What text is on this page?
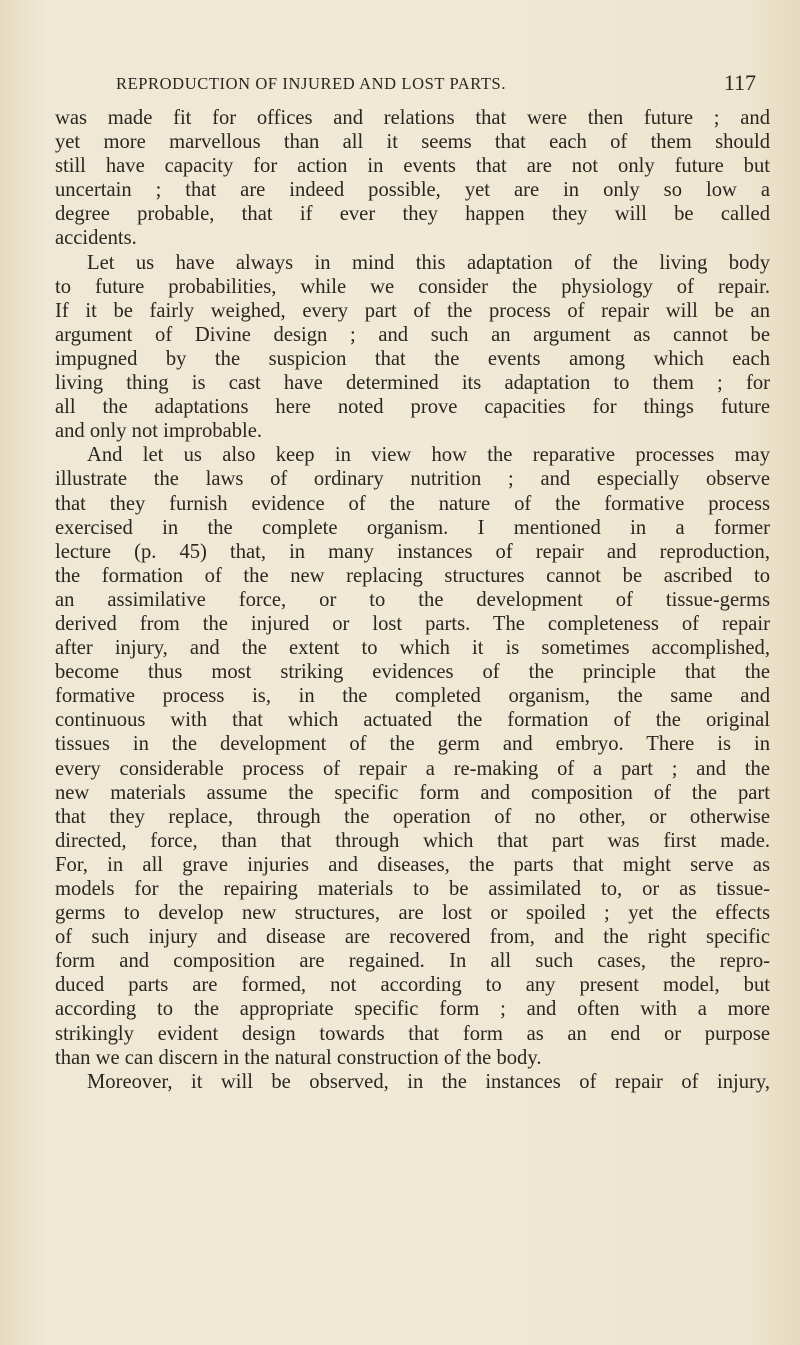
REPRODUCTION OF INJURED AND LOST PARTS.	117
was made fit for offices and relations that were then future ; and
yet more marvellous than all it seems that each of them should
still have capacity for action in events that are not only future but
uncertain ; that are indeed possible, yet are in only so low a
degree probable, that if ever they happen they will be called
accidents.
Let us have always in mind this adaptation of the living body
to future probabilities, while we consider the physiology of repair.
If it be fairly weighed, every part of the process of repair will be an
argument of Divine design ; and such an argument as cannot be
impugned by the suspicion that the events among which each
living thing is cast have determined its adaptation to them ; for
all the adaptations here noted prove capacities for things future
and only not improbable.
And let us also keep in view how the reparative processes may
illustrate the laws of ordinary nutrition ; and especially observe
that they furnish evidence of the nature of the formative process
exercised in the complete organism. I mentioned in a former
lecture (p. 45) that, in many instances of repair and reproduction,
the formation of the new replacing structures cannot be ascribed to
an assimilative force, or to the development of tissue-germs
derived from the injured or lost parts. The completeness of repair
after injury, and the extent to which it is sometimes accomplished,
become thus most striking evidences of the principle that the
formative process is, in the completed organism, the same and
continuous with that which actuated the formation of the original
tissues in the development of the germ and embryo. There is in
every considerable process of repair a re-making of a part ; and the
new materials assume the specific form and composition of the part
that they replace, through the operation of no other, or otherwise
directed, force, than that through which that part was first made.
For, in all grave injuries and diseases, the parts that might serve as
models for the repairing materials to be assimilated to, or as tissue-
germs to develop new structures, are lost or spoiled ; yet the effects
of such injury and disease are recovered from, and the right specific
form and composition are regained. In all such cases, the repro-
duced parts are formed, not according to any present model, but
according to the appropriate specific form ; and often with a more
strikingly evident design towards that form as an end or purpose
than we can discern in the natural construction of the body.
Moreover, it will be observed, in the instances of repair of injury,
